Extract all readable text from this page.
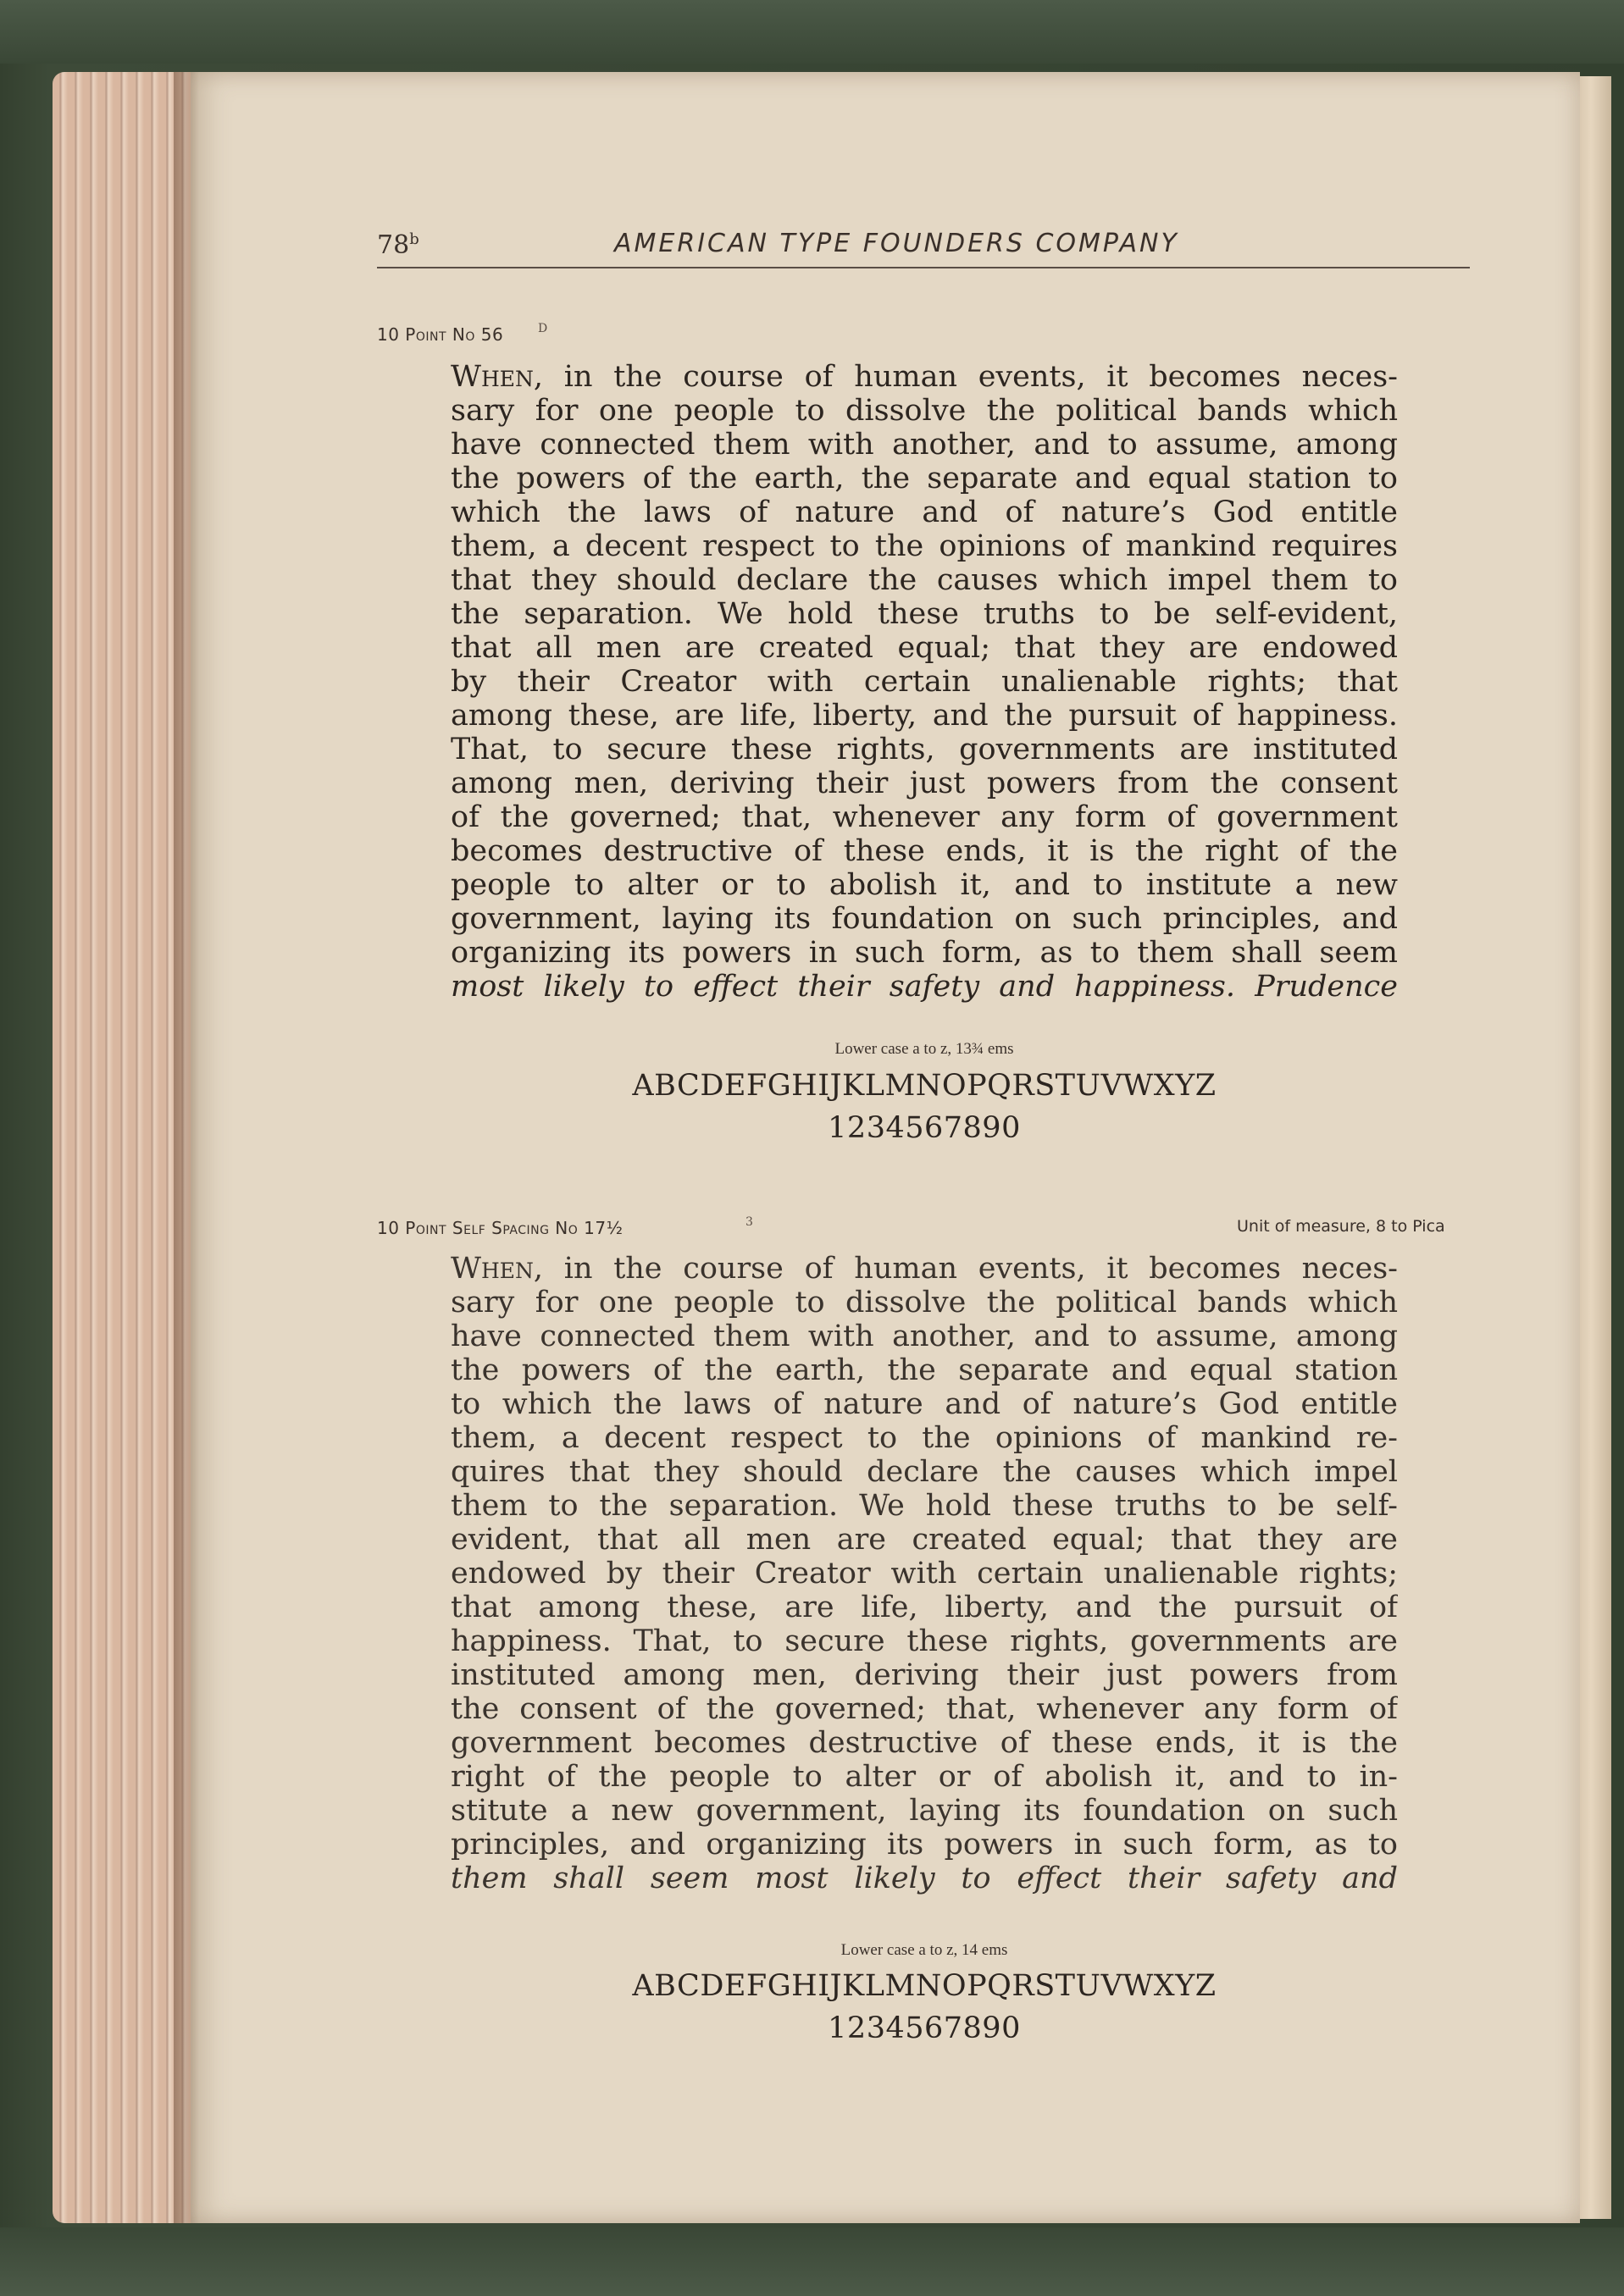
78$^b$	AMERICAN TYPE FOUNDERS COMPANY
10 Point No 56	D
When, in the course of human events, it becomes neces-
sary for one people to dissolve the political bands which
have connected them with another, and to assume, among
the powers of the earth, the separate and equal station to
which the laws of nature and of nature’s God entitle
them, a decent respect to the opinions of mankind requires
that they should declare the causes which impel them to
the separation. We hold these truths to be self-evident,
that all men are created equal; that they are endowed
by their Creator with certain unalienable rights; that
among these, are life, liberty, and the pursuit of happiness.
That, to secure these rights, governments are instituted
among men, deriving their just powers from the consent
of the governed; that, whenever any form of government
becomes destructive of these ends, it is the right of the
people to alter or to abolish it, and to institute a new
government, laying its foundation on such principles, and
organizing its powers in such form, as to them shall seem
most likely to effect their safety and happiness. Prudence
Lower case a to z, 13¾ ems
ABCDEFGHIJKLMNOPQRSTUVWXYZ
1234567890
10 Point Self Spacing No 17½	3	Unit of measure, 8 to Pica
When, in the course of human events, it becomes neces-
sary for one people to dissolve the political bands which
have connected them with another, and to assume, among
the powers of the earth, the separate and equal station
to which the laws of nature and of nature’s God entitle
them, a decent respect to the opinions of mankind re-
quires that they should declare the causes which impel
them to the separation. We hold these truths to be self-
evident, that all men are created equal; that they are
endowed by their Creator with certain unalienable rights;
that among these, are life, liberty, and the pursuit of
happiness. That, to secure these rights, governments are
instituted among men, deriving their just powers from
the consent of the governed; that, whenever any form of
government becomes destructive of these ends, it is the
right of the people to alter or of abolish it, and to in-
stitute a new government, laying its foundation on such
principles, and organizing its powers in such form, as to
them shall seem most likely to effect their safety and
Lower case a to z, 14 ems
ABCDEFGHIJKLMNOPQRSTUVWXYZ
1234567890
